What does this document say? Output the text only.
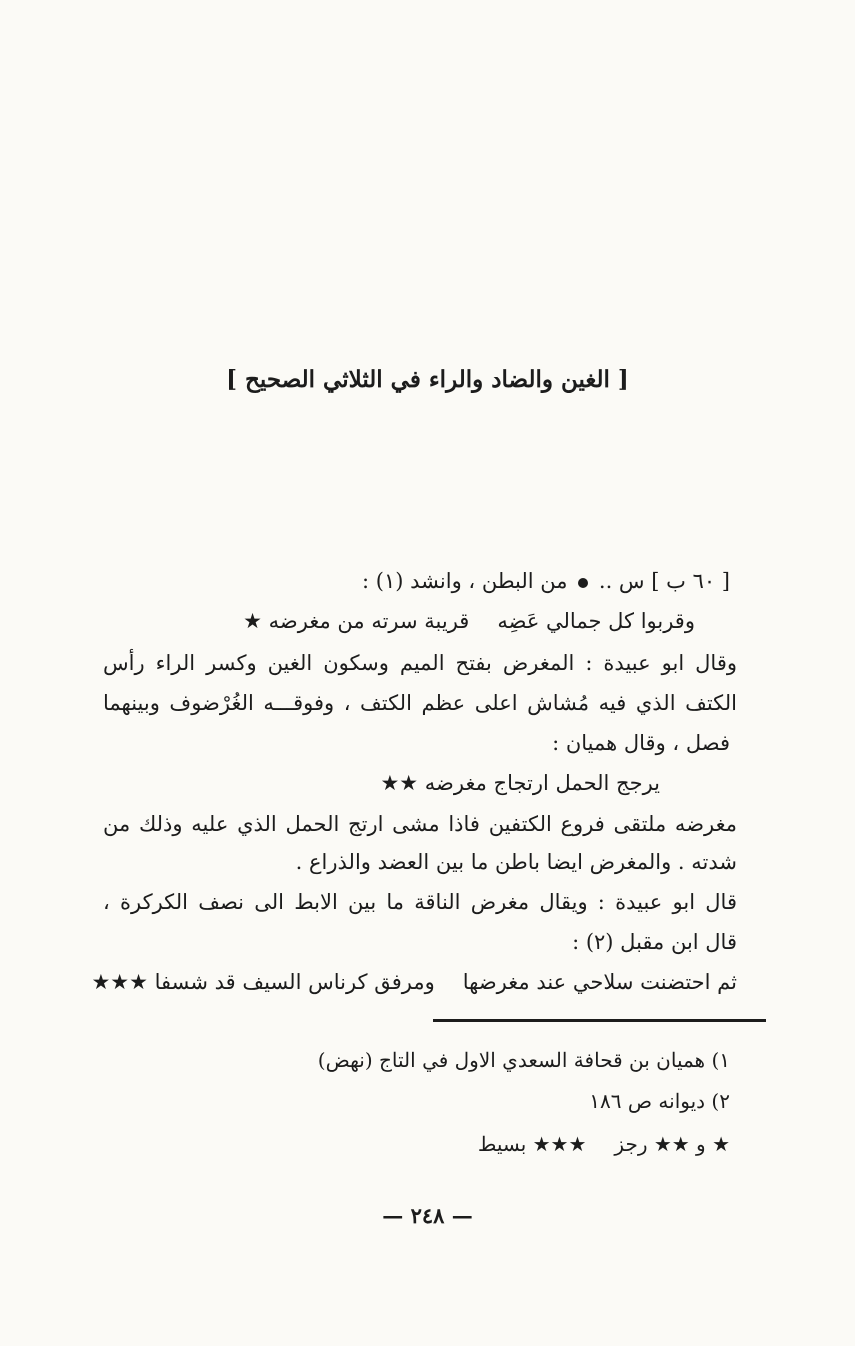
[ الغين والضاد والراء في الثلاثي الصحيح ]
[ ٦٠ ب ] س ..  من البطن ، وانشد (١) :
وقربوا كل جمالي عَضِهقريبة سرته من مغرضه ★
وقال ابو عبيدة : المغرض بفتح الميم وسكون الغين وكسر الراء رأس
الكتف الذي فيه مُشاش اعلى عظم الكتف ، وفوقـــه الغُرْضوف وبينهما
فصل ، وقال هميان :
يرجج الحمل ارتجاج مغرضه ★★
مغرضه ملتقى فروع الكتفين فاذا مشى ارتج الحمل الذي عليه وذلك من
شدته . والمغرض ايضا باطن ما بين العضد والذراع .
قال ابو عبيدة : ويقال مغرض الناقة ما بين الابط الى نصف الكركرة ،
قال ابن مقبل (٢) :
ثم احتضنت سلاحي عند مغرضهاومرفق كرناس السيف قد شسفا ★★★
١) هميان بن قحافة السعدي الاول في التاج (نهض)
٢) ديوانه ص ١٨٦
★ و ★★ رجز★★★ بسيط
— ٢٤٨ —
